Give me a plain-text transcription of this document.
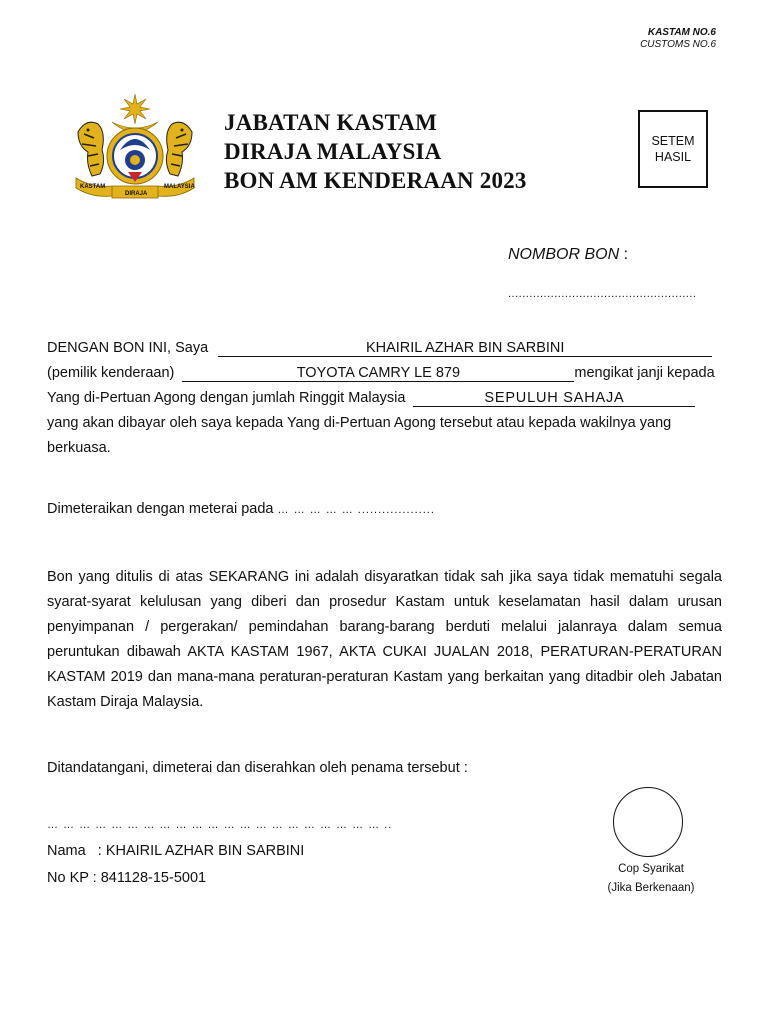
KASTAM NO.6
CUSTOMS NO.6
KASTAM	MALAYSIA
DIRAJA
JABATAN KASTAM
DIRAJA MALAYSIA
BON AM KENDERAAN 2023
SETEM
HASIL
NOMBOR BON :
.....................................................
DENGAN BON INI, Saya	KHAIRIL AZHAR BIN SARBINI
(pemilik kenderaan)	TOYOTA CAMRY LE 879	mengikat janji kepada
Yang di-Pertuan Agong dengan jumlah Ringgit Malaysia	SEPULUH SAHAJA
yang akan dibayar oleh saya kepada Yang di-Pertuan Agong tersebut atau kepada wakilnya yang
berkuasa.
Dimeteraikan dengan meterai pada … … … … … ...................
Bon yang ditulis di atas SEKARANG ini adalah disyaratkan tidak sah jika saya tidak mematuhi segala syarat-syarat kelulusan yang diberi dan prosedur Kastam untuk keselamatan hasil dalam urusan penyimpanan / pergerakan/ pemindahan barang-barang berduti melalui jalanraya dalam semua peruntukan dibawah AKTA KASTAM 1967, AKTA CUKAI JUALAN 2018, PERATURAN-PERATURAN KASTAM 2019 dan mana-mana peraturan-peraturan Kastam yang berkaitan yang ditadbir oleh Jabatan Kastam Diraja Malaysia.
Ditandatangani, dimeterai dan diserahkan oleh penama tersebut :
… … … … … … … … … … … … … … … … … … … … … ..
Nama   : KHAIRIL AZHAR BIN SARBINI
No KP : 841128-15-5001
Cop Syarikat
(Jika Berkenaan)
